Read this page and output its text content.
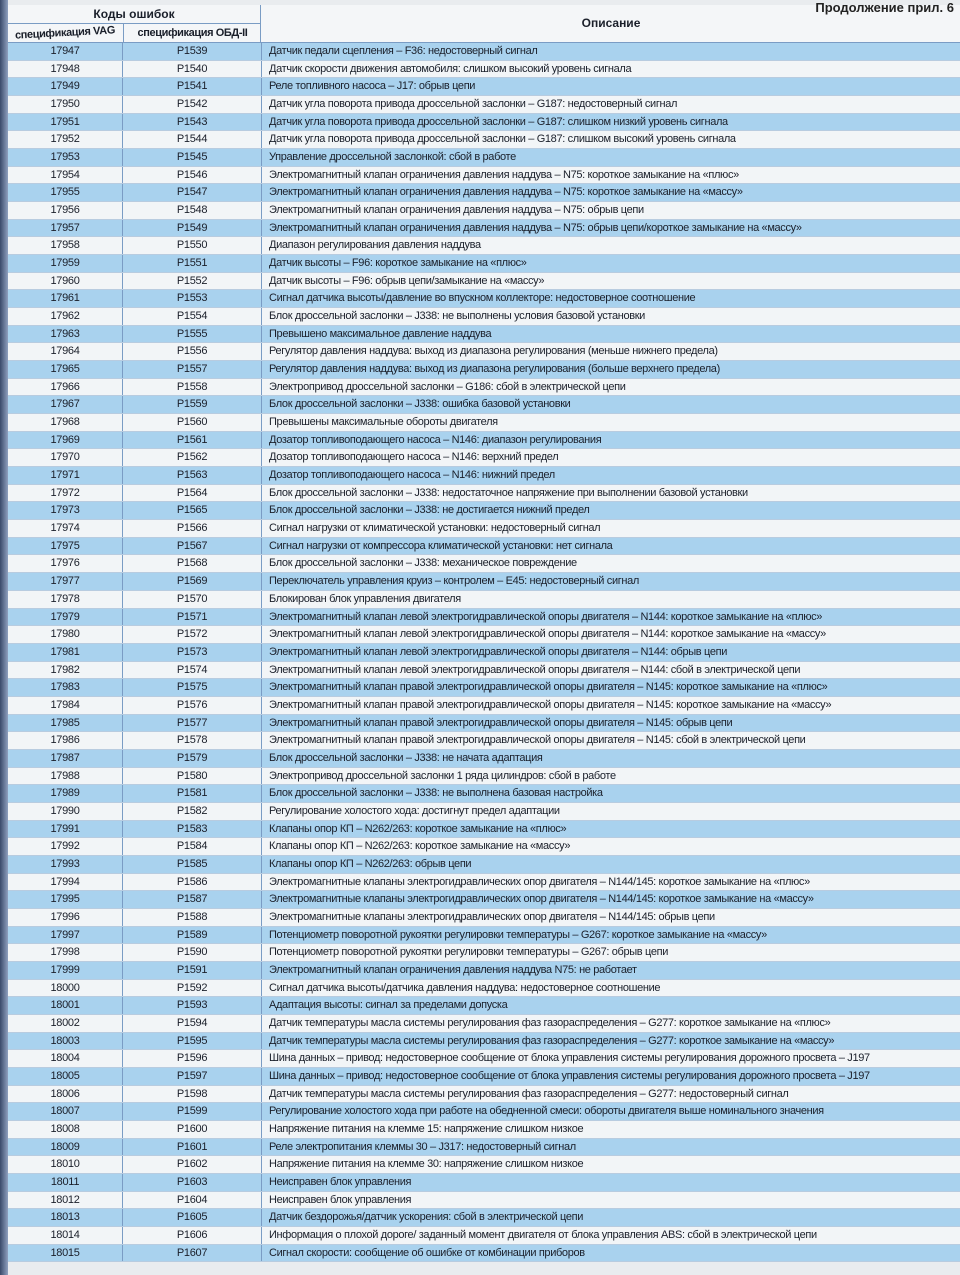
Коды ошибок
спецификация VAG	спецификация ОБД-II
Описание
17947	P1539	Датчик педали сцепления – F36: недостоверный сигнал
17948	P1540	Датчик скорости движения автомобиля: слишком высокий уровень сигнала
17949	P1541	Реле топливного насоса – J17: обрыв цепи
17950	P1542	Датчик угла поворота привода дроссельной заслонки – G187: недостоверный сигнал
17951	P1543	Датчик угла поворота привода дроссельной заслонки – G187: слишком низкий уровень сигнала
17952	P1544	Датчик угла поворота привода дроссельной заслонки – G187: слишком высокий уровень сигнала
17953	P1545	Управление дроссельной заслонкой: сбой в работе
17954	P1546	Электромагнитный клапан ограничения давления наддува – N75: короткое замыкание на «плюс»
17955	P1547	Электромагнитный клапан ограничения давления наддува – N75: короткое замыкание на «массу»
17956	P1548	Электромагнитный клапан ограничения давления наддува – N75: обрыв цепи
17957	P1549	Электромагнитный клапан ограничения давления наддува – N75: обрыв цепи/короткое замыкание на «массу»
17958	P1550	Диапазон регулирования давления наддува
17959	P1551	Датчик высоты – F96: короткое замыкание на «плюс»
17960	P1552	Датчик высоты – F96: обрыв цепи/замыкание на «массу»
17961	P1553	Сигнал датчика высоты/давление во впускном коллекторе: недостоверное соотношение
17962	P1554	Блок дроссельной заслонки – J338: не выполнены условия базовой установки
17963	P1555	Превышено максимальное давление наддува
17964	P1556	Регулятор давления наддува: выход из диапазона регулирования (меньше нижнего предела)
17965	P1557	Регулятор давления наддува: выход из диапазона регулирования (больше верхнего предела)
17966	P1558	Электропривод дроссельной заслонки – G186: сбой в электрической цепи
17967	P1559	Блок дроссельной заслонки – J338: ошибка базовой установки
17968	P1560	Превышены максимальные обороты двигателя
17969	P1561	Дозатор топливоподающего насоса – N146: диапазон регулирования
17970	P1562	Дозатор топливоподающего насоса – N146: верхний предел
17971	P1563	Дозатор топливоподающего насоса – N146: нижний предел
17972	P1564	Блок дроссельной заслонки – J338: недостаточное напряжение при выполнении базовой установки
17973	P1565	Блок дроссельной заслонки – J338: не достигается нижний предел
17974	P1566	Сигнал нагрузки от климатической установки: недостоверный сигнал
17975	P1567	Сигнал нагрузки от компрессора климатической установки: нет сигнала
17976	P1568	Блок дроссельной заслонки – J338: механическое повреждение
17977	P1569	Переключатель управления круиз – контролем – E45: недостоверный сигнал
17978	P1570	Блокирован блок управления двигателя
17979	P1571	Электромагнитный клапан левой электрогидравлической опоры двигателя – N144: короткое замыкание на «плюс»
17980	P1572	Электромагнитный клапан левой электрогидравлической опоры двигателя – N144: короткое замыкание на «массу»
17981	P1573	Электромагнитный клапан левой электрогидравлической опоры двигателя – N144: обрыв цепи
17982	P1574	Электромагнитный клапан левой электрогидравлической опоры двигателя – N144: сбой в электрической цепи
17983	P1575	Электромагнитный клапан правой электрогидравлической опоры двигателя – N145: короткое замыкание на «плюс»
17984	P1576	Электромагнитный клапан правой электрогидравлической опоры двигателя – N145: короткое замыкание на «массу»
17985	P1577	Электромагнитный клапан правой электрогидравлической опоры двигателя – N145: обрыв цепи
17986	P1578	Электромагнитный клапан правой электрогидравлической опоры двигателя – N145: сбой в электрической цепи
17987	P1579	Блок дроссельной заслонки – J338: не начата адаптация
17988	P1580	Электропривод дроссельной заслонки 1 ряда цилиндров: сбой в работе
17989	P1581	Блок дроссельной заслонки – J338: не выполнена базовая настройка
17990	P1582	Регулирование холостого хода: достигнут предел адаптации
17991	P1583	Клапаны опор КП – N262/263: короткое замыкание на «плюс»
17992	P1584	Клапаны опор КП – N262/263: короткое замыкание на «массу»
17993	P1585	Клапаны опор КП – N262/263: обрыв цепи
17994	P1586	Электромагнитные клапаны электрогидравлических опор двигателя – N144/145: короткое замыкание на «плюс»
17995	P1587	Электромагнитные клапаны электрогидравлических опор двигателя – N144/145: короткое замыкание на «массу»
17996	P1588	Электромагнитные клапаны электрогидравлических опор двигателя – N144/145: обрыв цепи
17997	P1589	Потенциометр поворотной рукоятки регулировки температуры – G267: короткое замыкание на «массу»
17998	P1590	Потенциометр поворотной рукоятки регулировки температуры – G267: обрыв цепи
17999	P1591	Электромагнитный клапан ограничения давления наддува N75: не работает
18000	P1592	Сигнал датчика высоты/датчика давления наддува: недостоверное соотношение
18001	P1593	Адаптация высоты: сигнал за пределами допуска
18002	P1594	Датчик температуры масла системы регулирования фаз газораспределения – G277: короткое замыкание на «плюс»
18003	P1595	Датчик температуры масла системы регулирования фаз газораспределения – G277: короткое замыкание на «массу»
18004	P1596	Шина данных – привод: недостоверное сообщение от блока управления системы регулирования дорожного просвета – J197
18005	P1597	Шина данных – привод: недостоверное сообщение от блока управления системы регулирования дорожного просвета – J197
18006	P1598	Датчик температуры масла системы регулирования фаз газораспределения – G277: недостоверный сигнал
18007	P1599	Регулирование холостого хода при работе на обедненной смеси: обороты двигателя выше номинального значения
18008	P1600	Напряжение питания на клемме 15: напряжение слишком низкое
18009	P1601	Реле электропитания клеммы 30 – J317: недостоверный сигнал
18010	P1602	Напряжение питания на клемме 30: напряжение слишком низкое
18011	P1603	Неисправен блок управления
18012	P1604	Неисправен блок управления
18013	P1605	Датчик бездорожья/датчик ускорения: сбой в электрической цепи
18014	P1606	Информация о плохой дороге/ заданный момент двигателя от блока управления ABS: сбой в электрической цепи
18015	P1607	Сигнал скорости: сообщение об ошибке от комбинации приборов
Продолжение прил. 6
